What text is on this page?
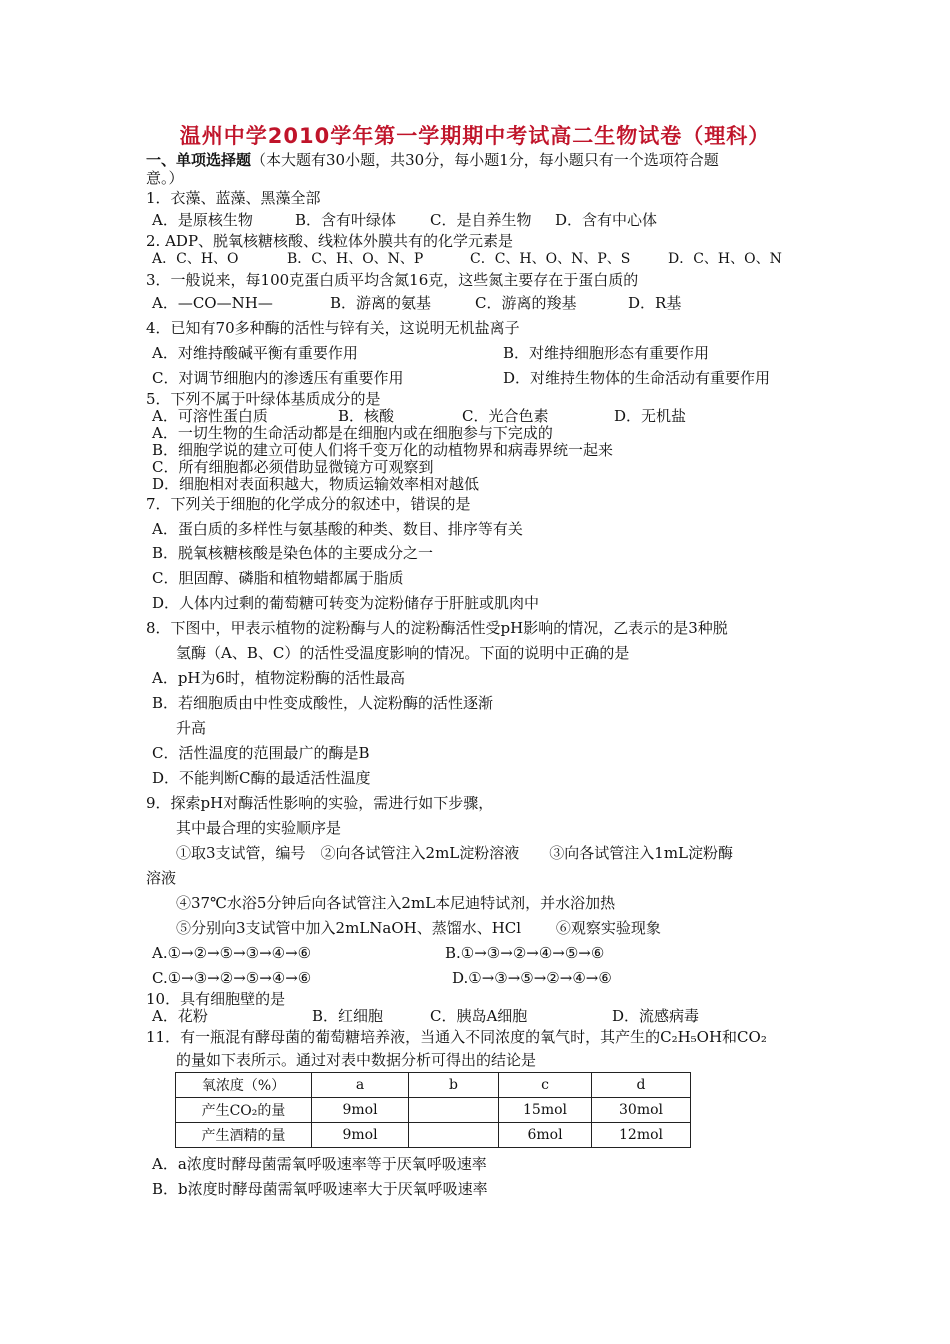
温州中学2010学年第一学期期中考试高二生物试卷（理科）
一、单项选择题（本大题有30小题，共30分，每小题1分，每小题只有一个选项符合题
意。）
1．衣藻、蓝藻、黑藻全部
A．是原核生物	B．含有叶绿体 C．是自养生物 D．含有中心体
2. ADP、脱氧核糖核酸、线粒体外膜共有的化学元素是
A．C、H、O	B．C、H、O、N、P	C．C、H、O、N、P、S	D．C、H、O、N
3．一般说来，每100克蛋白质平均含氮16克，这些氮主要存在于蛋白质的
A．—CO—NH—	B．游离的氨基	C．游离的羧基	D．R基
4．已知有70多种酶的活性与锌有关，这说明无机盐离子
A．对维持酸碱平衡有重要作用	B．对维持细胞形态有重要作用
C．对调节细胞内的渗透压有重要作用	D．对维持生物体的生命活动有重要作用
5．下列不属于叶绿体基质成分的是
A．可溶性蛋白质	B．核酸	C．光合色素	D．无机盐
A．一切生物的生命活动都是在细胞内或在细胞参与下完成的
B．细胞学说的建立可使人们将千变万化的动植物界和病毒界统一起来
C．所有细胞都必须借助显微镜方可观察到
D．细胞相对表面积越大，物质运输效率相对越低
7．下列关于细胞的化学成分的叙述中，错误的是
A．蛋白质的多样性与氨基酸的种类、数目、排序等有关
B．脱氧核糖核酸是染色体的主要成分之一
C．胆固醇、磷脂和植物蜡都属于脂质
D．人体内过剩的葡萄糖可转变为淀粉储存于肝脏或肌肉中
8．下图中，甲表示植物的淀粉酶与人的淀粉酶活性受pH影响的情况，乙表示的是3种脱
氢酶（A、B、C）的活性受温度影响的情况。下面的说明中正确的是
A．pH为6时，植物淀粉酶的活性最高
B．若细胞质由中性变成酸性，人淀粉酶的活性逐渐
升高
C．活性温度的范围最广的酶是B
D．不能判断C酶的最适活性温度
9．探索pH对酶活性影响的实验，需进行如下步骤，
其中最合理的实验顺序是
①取3支试管，编号　②向各试管注入2mL淀粉溶液　　③向各试管注入1mL淀粉酶
溶液
④37℃水浴5分钟后向各试管注入2mL本尼迪特试剂，并水浴加热
⑤分别向3支试管中加入2mLNaOH、蒸馏水、HCl　　 ⑥观察实验现象
A.①→②→⑤→③→④→⑥	B.①→③→②→④→⑤→⑥
C.①→③→②→⑤→④→⑥	D.①→③→⑤→②→④→⑥
10．具有细胞壁的是
A．花粉	B．红细胞	C．胰岛A细胞	D．流感病毒
11．有一瓶混有酵母菌的葡萄糖培养液，当通入不同浓度的氧气时，其产生的C₂H₅OH和CO₂
的量如下表所示。通过对表中数据分析可得出的结论是
氧浓度（%）	a	b	c	d
产生CO₂的量	9mol		15mol	30mol
产生酒精的量	9mol		6mol	12mol
A．a浓度时酵母菌需氧呼吸速率等于厌氧呼吸速率
B．b浓度时酵母菌需氧呼吸速率大于厌氧呼吸速率
